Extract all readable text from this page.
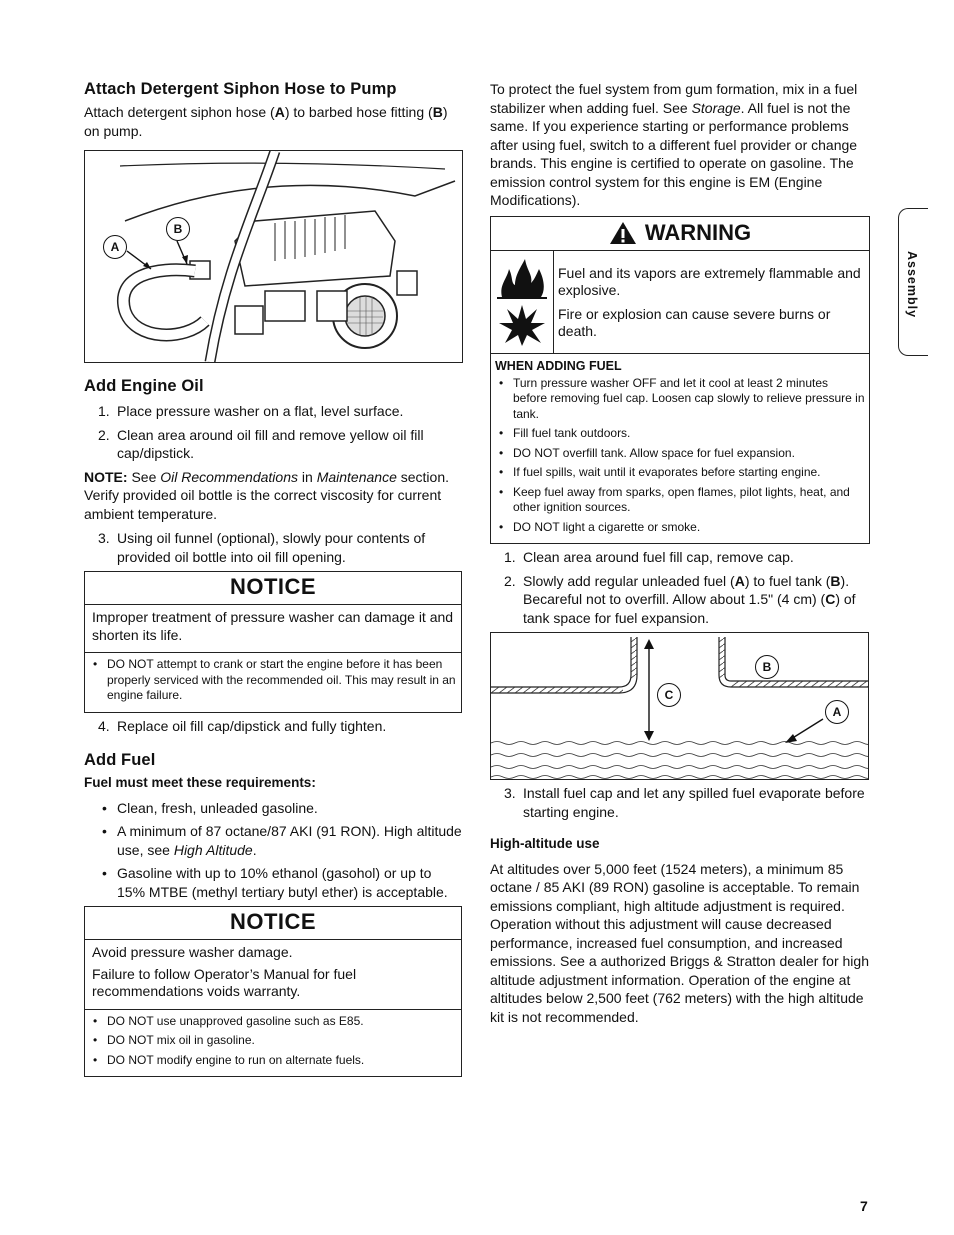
Attach Detergent Siphon Hose to Pump

Attach detergent siphon hose (A) to barbed hose fitting (B) on pump.

A
B
Add Engine Oil
1. Place pressure washer on a flat, level surface.
2. Clean area around oil fill and remove yellow oil fill cap/dipstick.

NOTE: See Oil Recommendations in Maintenance section. Verify provided oil bottle is the correct viscosity for current ambient temperature.

3. Using oil funnel (optional), slowly pour contents of provided oil bottle into oil fill opening.
NOTICE

Improper treatment of pressure washer can damage it and shorten its life.

• DO NOT attempt to crank or start the engine before it has been properly serviced with the recommended oil. This may result in an engine failure.
4. Replace oil fill cap/dipstick and fully tighten.
Add Fuel

Fuel must meet these requirements:

• Clean, fresh, unleaded gasoline.
• A minimum of 87 octane/87 AKI (91 RON). High altitude use, see High Altitude.
• Gasoline with up to 10% ethanol (gasohol) or up to 15% MTBE (methyl tertiary butyl ether) is acceptable.
NOTICE

Avoid pressure washer damage.

Failure to follow Operator’s Manual for fuel recommendations voids warranty.

• DO NOT use unapproved gasoline such as E85.
• DO NOT mix oil in gasoline.
• DO NOT modify engine to run on alternate fuels.

To protect the fuel system from gum formation, mix in a fuel stabilizer when adding fuel. See Storage. All fuel is not the same. If you experience starting or performance problems after using fuel, switch to a different fuel provider or change brands. This engine is certified to operate on gasoline. The emission control system for this engine is EM (Engine Modifications).

WARNING

Fuel and its vapors are extremely flammable and explosive.

Fire or explosion can cause severe burns or death.

WHEN ADDING FUEL
• Turn pressure washer OFF and let it cool at least 2 minutes before removing fuel cap. Loosen cap slowly to relieve pressure in tank.
• Fill fuel tank outdoors.
• DO NOT overfill tank. Allow space for fuel expansion.
• If fuel spills, wait until it evaporates before starting engine.
• Keep fuel away from sparks, open flames, pilot lights, heat, and other ignition sources.
• DO NOT light a cigarette or smoke.
1. Clean area around fuel fill cap, remove cap.
2. Slowly add regular unleaded fuel (A) to fuel tank (B). Becareful not to overfill. Allow about 1.5" (4 cm) (C) of tank space for fuel expansion.
B
C
A
3. Install fuel cap and let any spilled fuel evaporate before starting engine.

High-altitude use

At altitudes over 5,000 feet (1524 meters), a minimum 85 octane / 85 AKI (89 RON) gasoline is acceptable. To remain emissions compliant, high altitude adjustment is required. Operation without this adjustment will cause decreased performance, increased fuel consumption, and increased emissions. See a authorized Briggs & Stratton dealer for high altitude adjustment information. Operation of the engine at altitudes below 2,500 feet (762 meters) with the high altitude kit is not recommended.

Assembly
7
